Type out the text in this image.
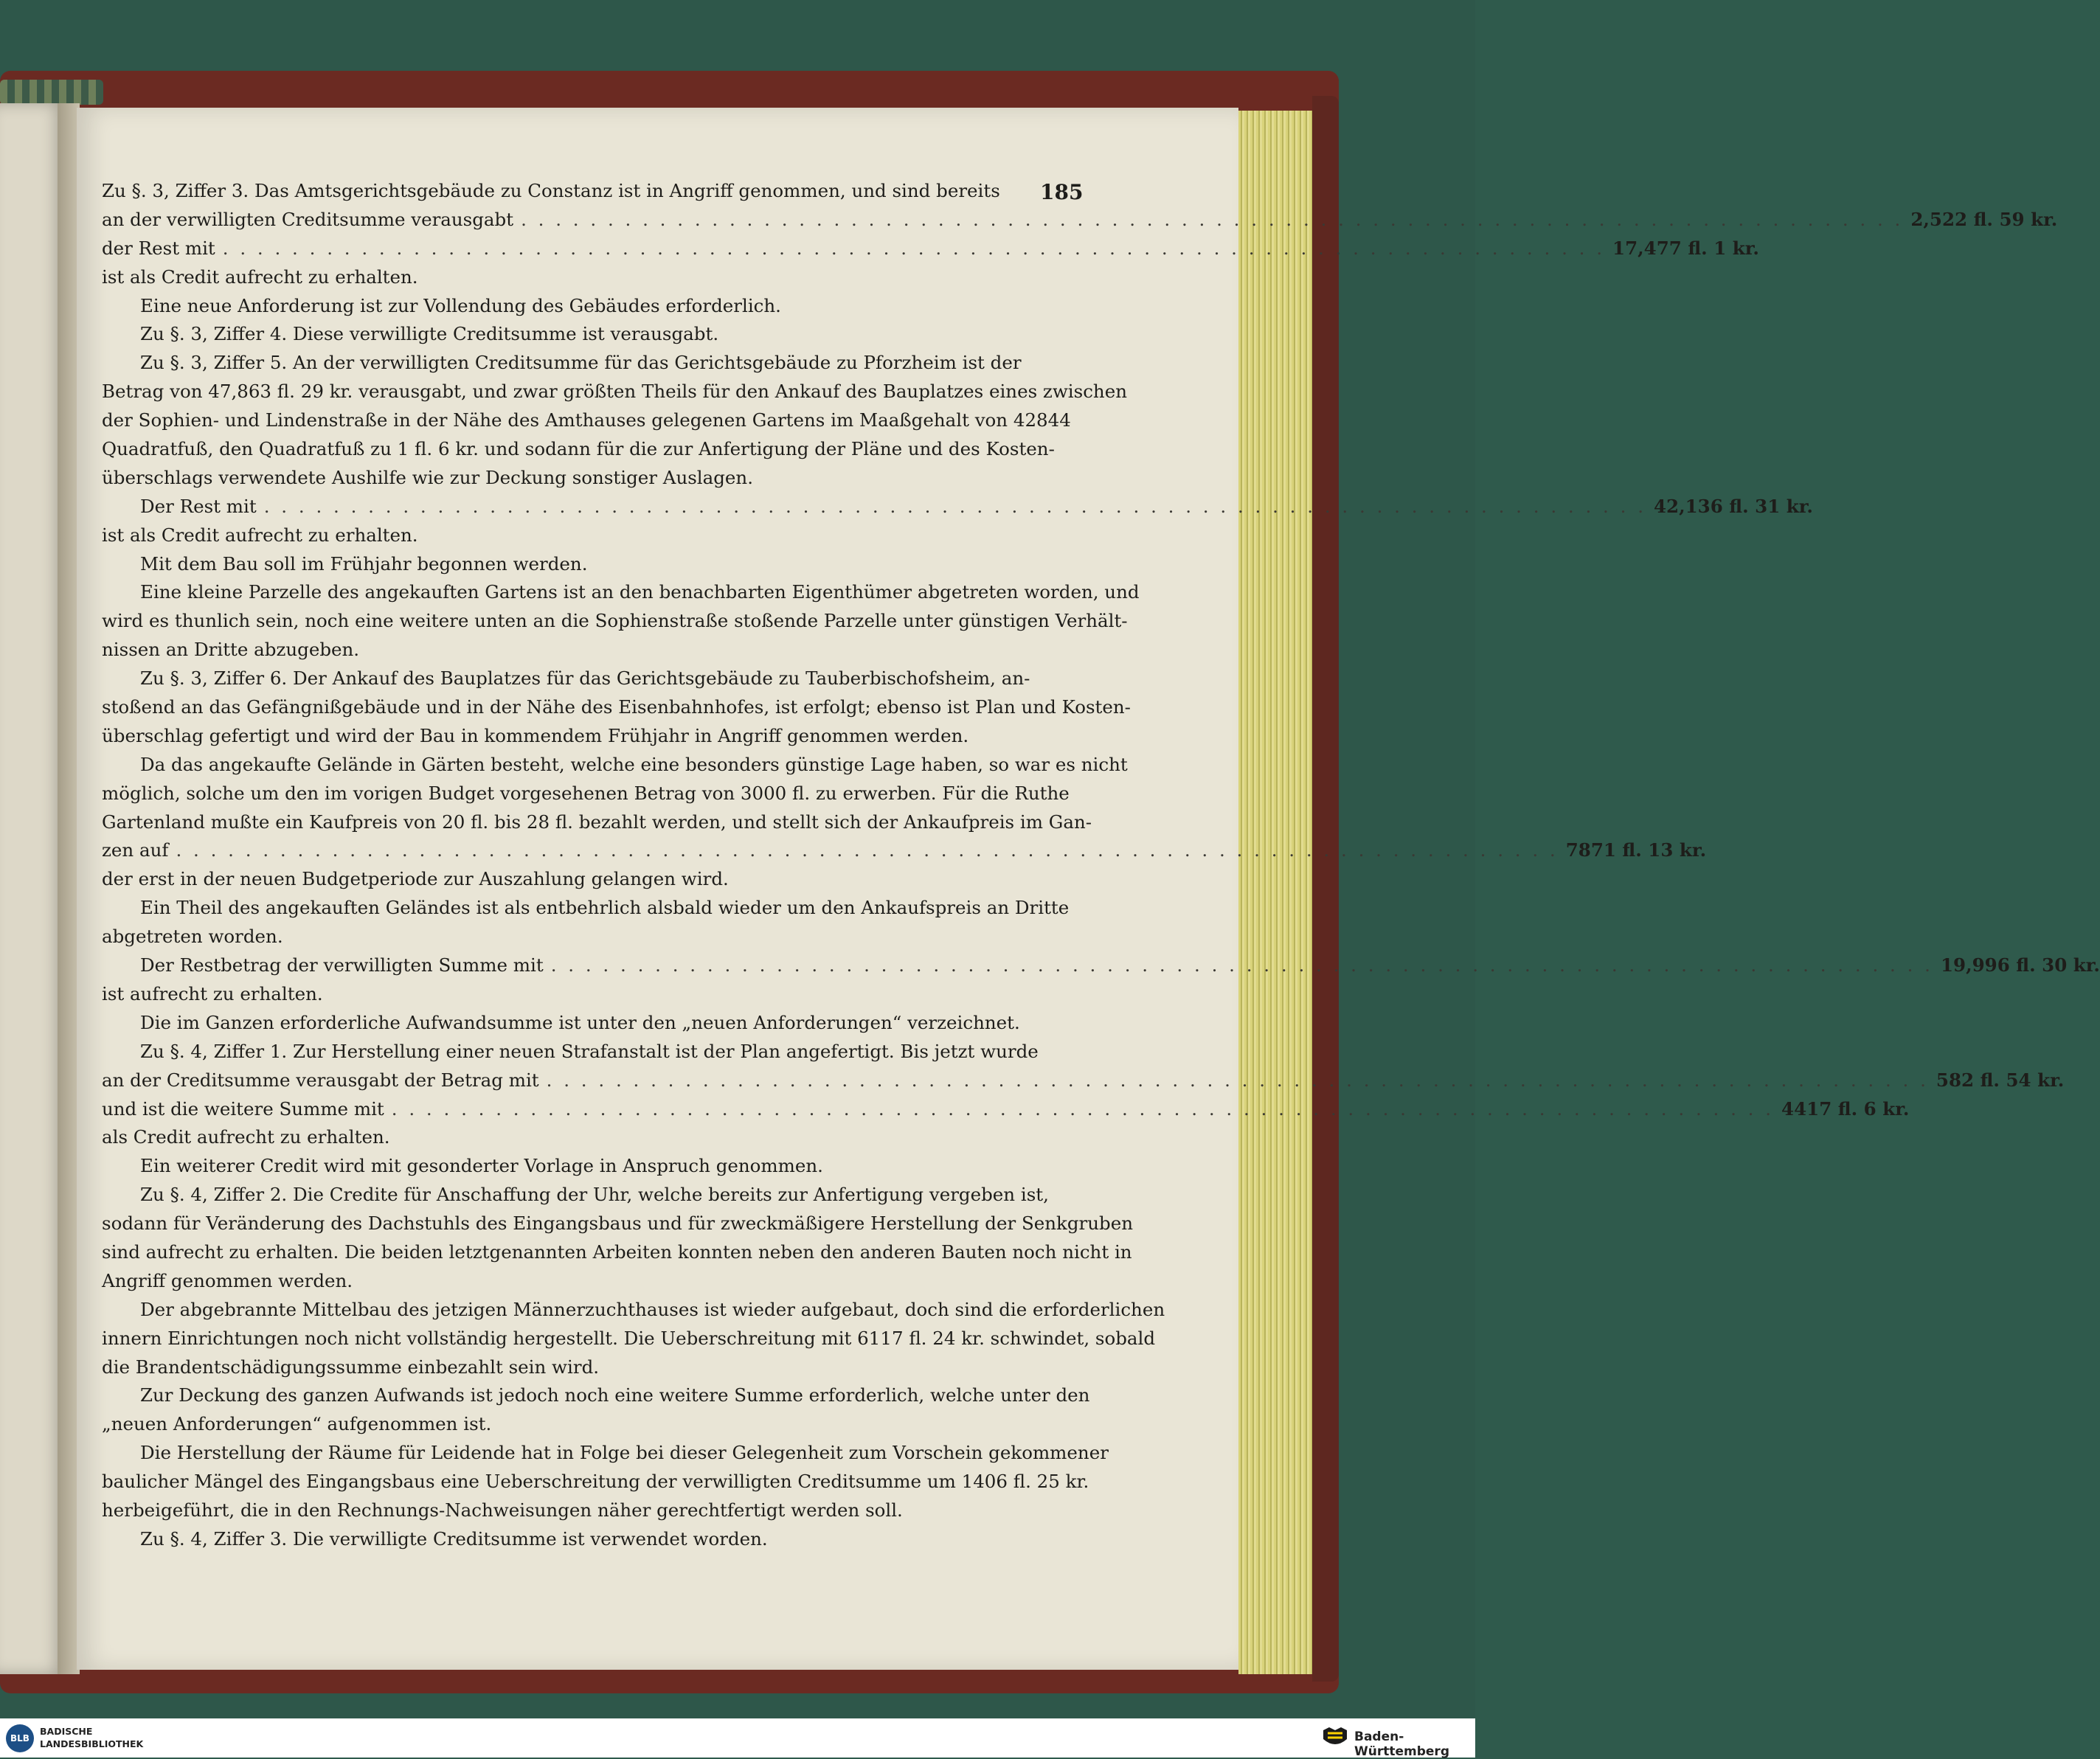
185
Zu §. 3, Ziffer 3. Das Amtsgerichtsgebäude zu Constanz ist in Angriff genommen, und sind bereits
an der verwilligten Creditsumme verausgabt . . . . . . . . . . . . . . . . . . . . . . . . . . . . . . . . . . . . . . . . . . . . . . . . . . . . . . . . . . . . . . . . . . . . . . . . . . . . . . . . 2,522 fl. 59 kr.
der Rest mit . . . . . . . . . . . . . . . . . . . . . . . . . . . . . . . . . . . . . . . . . . . . . . . . . . . . . . . . . . . . . . . . . . . . . . . . . . . . . . . . 17,477 fl. 1 kr.
ist als Credit aufrecht zu erhalten.
Eine neue Anforderung ist zur Vollendung des Gebäudes erforderlich.
Zu §. 3, Ziffer 4. Diese verwilligte Creditsumme ist verausgabt.
Zu §. 3, Ziffer 5. An der verwilligten Creditsumme für das Gerichtsgebäude zu Pforzheim ist der
Betrag von 47,863 fl. 29 kr. verausgabt, und zwar größten Theils für den Ankauf des Bauplatzes eines zwischen
der Sophien- und Lindenstraße in der Nähe des Amthauses gelegenen Gartens im Maaßgehalt von 42844
Quadratfuß, den Quadratfuß zu 1 fl. 6 kr. und sodann für die zur Anfertigung der Pläne und des Kosten-
überschlags verwendete Aushilfe wie zur Deckung sonstiger Auslagen.
Der Rest mit . . . . . . . . . . . . . . . . . . . . . . . . . . . . . . . . . . . . . . . . . . . . . . . . . . . . . . . . . . . . . . . . . . . . . . . . . . . . . . . . 42,136 fl. 31 kr.
ist als Credit aufrecht zu erhalten.
Mit dem Bau soll im Frühjahr begonnen werden.
Eine kleine Parzelle des angekauften Gartens ist an den benachbarten Eigenthümer abgetreten worden, und
wird es thunlich sein, noch eine weitere unten an die Sophienstraße stoßende Parzelle unter günstigen Verhält-
nissen an Dritte abzugeben.
Zu §. 3, Ziffer 6. Der Ankauf des Bauplatzes für das Gerichtsgebäude zu Tauberbischofsheim, an-
stoßend an das Gefängnißgebäude und in der Nähe des Eisenbahnhofes, ist erfolgt; ebenso ist Plan und Kosten-
überschlag gefertigt und wird der Bau in kommendem Frühjahr in Angriff genommen werden.
Da das angekaufte Gelände in Gärten besteht, welche eine besonders günstige Lage haben, so war es nicht
möglich, solche um den im vorigen Budget vorgesehenen Betrag von 3000 fl. zu erwerben. Für die Ruthe
Gartenland mußte ein Kaufpreis von 20 fl. bis 28 fl. bezahlt werden, und stellt sich der Ankaufpreis im Gan-
zen auf . . . . . . . . . . . . . . . . . . . . . . . . . . . . . . . . . . . . . . . . . . . . . . . . . . . . . . . . . . . . . . . . . . . . . . . . . . . . . . . . 7871 fl. 13 kr.
der erst in der neuen Budgetperiode zur Auszahlung gelangen wird.
Ein Theil des angekauften Geländes ist als entbehrlich alsbald wieder um den Ankaufspreis an Dritte
abgetreten worden.
Der Restbetrag der verwilligten Summe mit . . . . . . . . . . . . . . . . . . . . . . . . . . . . . . . . . . . . . . . . . . . . . . . . . . . . . . . . . . . . . . . . . . . . . . . . . . . . . . . . 19,996 fl. 30 kr.
ist aufrecht zu erhalten.
Die im Ganzen erforderliche Aufwandsumme ist unter den „neuen Anforderungen“ verzeichnet.
Zu §. 4, Ziffer 1. Zur Herstellung einer neuen Strafanstalt ist der Plan angefertigt. Bis jetzt wurde
an der Creditsumme verausgabt der Betrag mit . . . . . . . . . . . . . . . . . . . . . . . . . . . . . . . . . . . . . . . . . . . . . . . . . . . . . . . . . . . . . . . . . . . . . . . . . . . . . . . . 582 fl. 54 kr.
und ist die weitere Summe mit . . . . . . . . . . . . . . . . . . . . . . . . . . . . . . . . . . . . . . . . . . . . . . . . . . . . . . . . . . . . . . . . . . . . . . . . . . . . . . . . 4417 fl. 6 kr.
als Credit aufrecht zu erhalten.
Ein weiterer Credit wird mit gesonderter Vorlage in Anspruch genommen.
Zu §. 4, Ziffer 2. Die Credite für Anschaffung der Uhr, welche bereits zur Anfertigung vergeben ist,
sodann für Veränderung des Dachstuhls des Eingangsbaus und für zweckmäßigere Herstellung der Senkgruben
sind aufrecht zu erhalten. Die beiden letztgenannten Arbeiten konnten neben den anderen Bauten noch nicht in
Angriff genommen werden.
Der abgebrannte Mittelbau des jetzigen Männerzuchthauses ist wieder aufgebaut, doch sind die erforderlichen
innern Einrichtungen noch nicht vollständig hergestellt. Die Ueberschreitung mit 6117 fl. 24 kr. schwindet, sobald
die Brandentschädigungssumme einbezahlt sein wird.
Zur Deckung des ganzen Aufwands ist jedoch noch eine weitere Summe erforderlich, welche unter den
„neuen Anforderungen“ aufgenommen ist.
Die Herstellung der Räume für Leidende hat in Folge bei dieser Gelegenheit zum Vorschein gekommener
baulicher Mängel des Eingangsbaus eine Ueberschreitung der verwilligten Creditsumme um 1406 fl. 25 kr.
herbeigeführt, die in den Rechnungs-Nachweisungen näher gerechtfertigt werden soll.
Zu §. 4, Ziffer 3. Die verwilligte Creditsumme ist verwendet worden.
BLB
BADISCHE
LANDESBIBLIOTHEK	Baden-Württemberg
